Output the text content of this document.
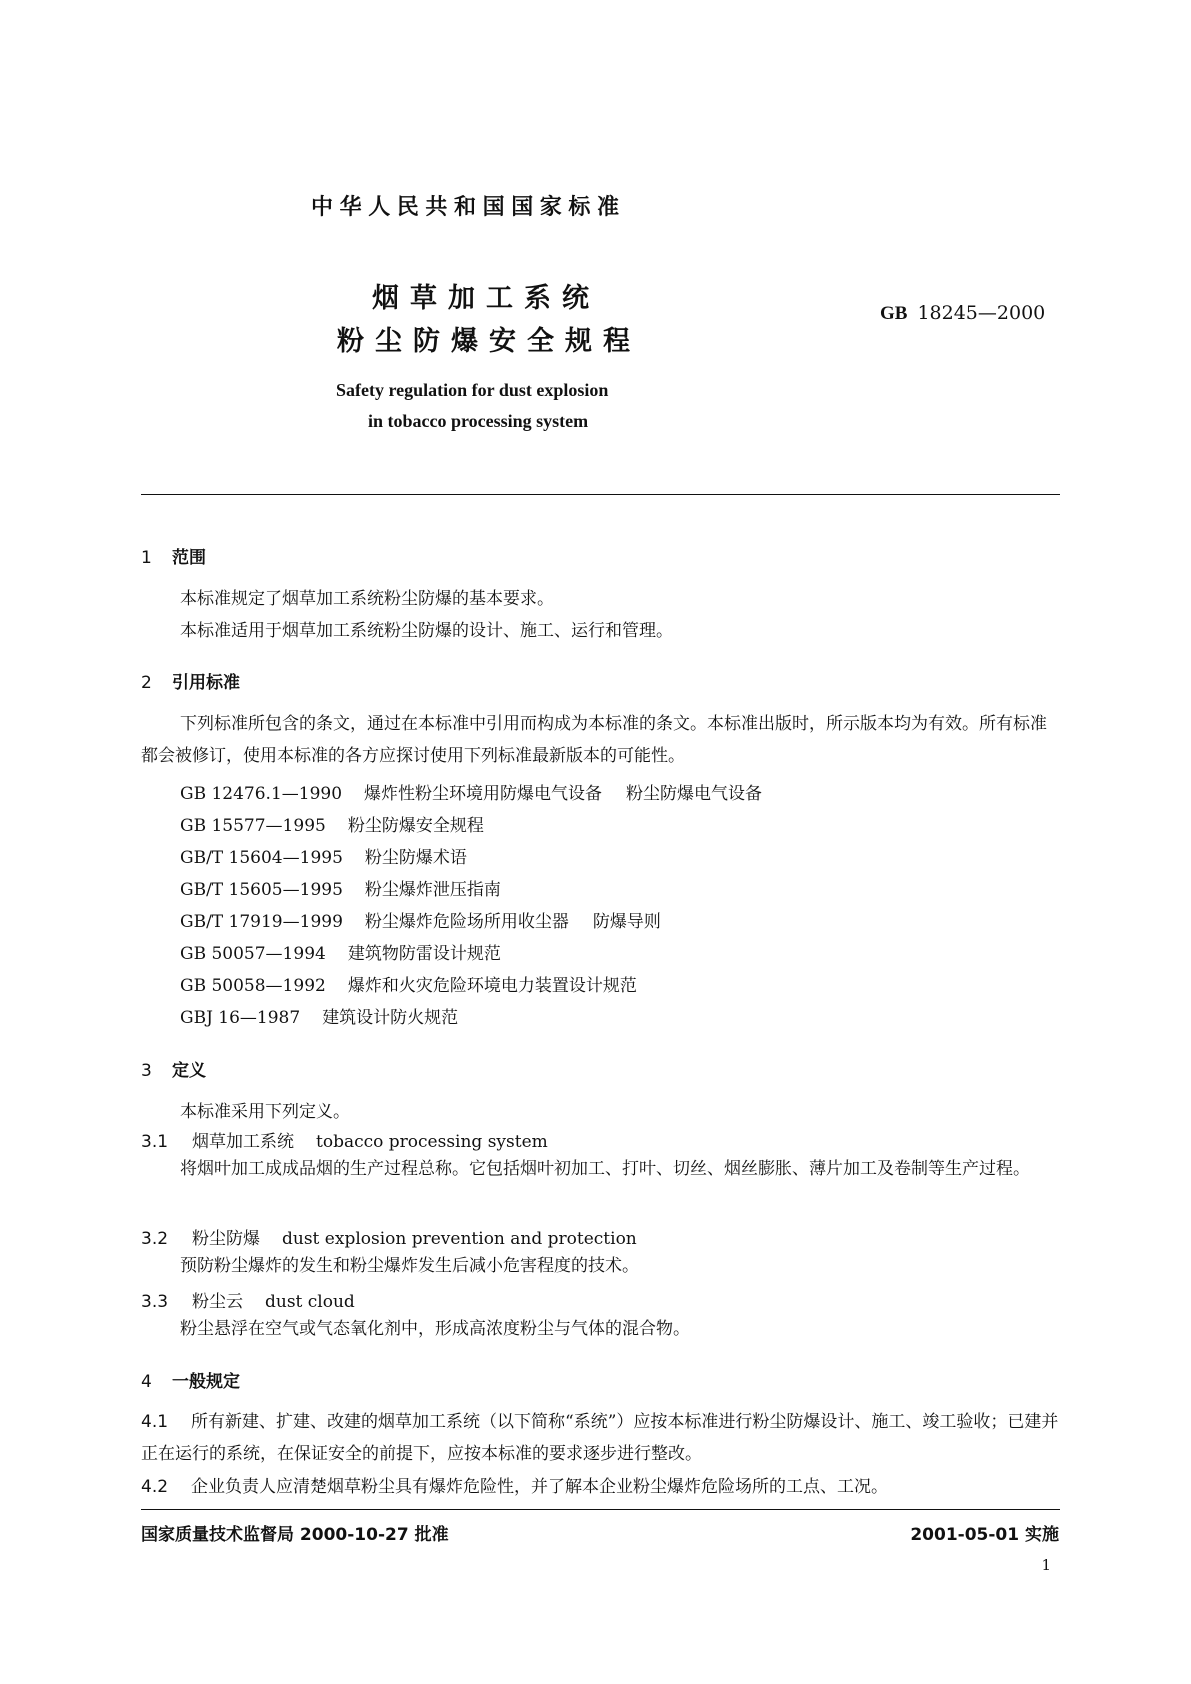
中华人民共和国国家标准
烟草加工系统
粉尘防爆安全规程
GB 18245—2000
Safety regulation for dust explosion
in tobacco processing system
1 范围
本标准规定了烟草加工系统粉尘防爆的基本要求。
本标准适用于烟草加工系统粉尘防爆的设计、施工、运行和管理。
2 引用标准
下列标准所包含的条文，通过在本标准中引用而构成为本标准的条文。本标准出版时，所示版本均为有效。所有标准都会被修订，使用本标准的各方应探讨使用下列标准最新版本的可能性。
GB 12476.1—1990 爆炸性粉尘环境用防爆电气设备 粉尘防爆电气设备
GB 15577—1995 粉尘防爆安全规程
GB/T 15604—1995 粉尘防爆术语
GB/T 15605—1995 粉尘爆炸泄压指南
GB/T 17919—1999 粉尘爆炸危险场所用收尘器 防爆导则
GB 50057—1994 建筑物防雷设计规范
GB 50058—1992 爆炸和火灾危险环境电力装置设计规范
GBJ 16—1987 建筑设计防火规范
3 定义
本标准采用下列定义。
3.1 烟草加工系统 tobacco processing system
将烟叶加工成成品烟的生产过程总称。它包括烟叶初加工、打叶、切丝、烟丝膨胀、薄片加工及卷制等生产过程。
3.2 粉尘防爆 dust explosion prevention and protection
预防粉尘爆炸的发生和粉尘爆炸发生后减小危害程度的技术。
3.3 粉尘云 dust cloud
粉尘悬浮在空气或气态氧化剂中，形成高浓度粉尘与气体的混合物。
4 一般规定
4.1 所有新建、扩建、改建的烟草加工系统（以下简称“系统”）应按本标准进行粉尘防爆设计、施工、竣工验收；已建并正在运行的系统，在保证安全的前提下，应按本标准的要求逐步进行整改。
4.2 企业负责人应清楚烟草粉尘具有爆炸危险性，并了解本企业粉尘爆炸危险场所的工点、工况。
国家质量技术监督局 2000-10-27 批准	2001-05-01 实施
1
